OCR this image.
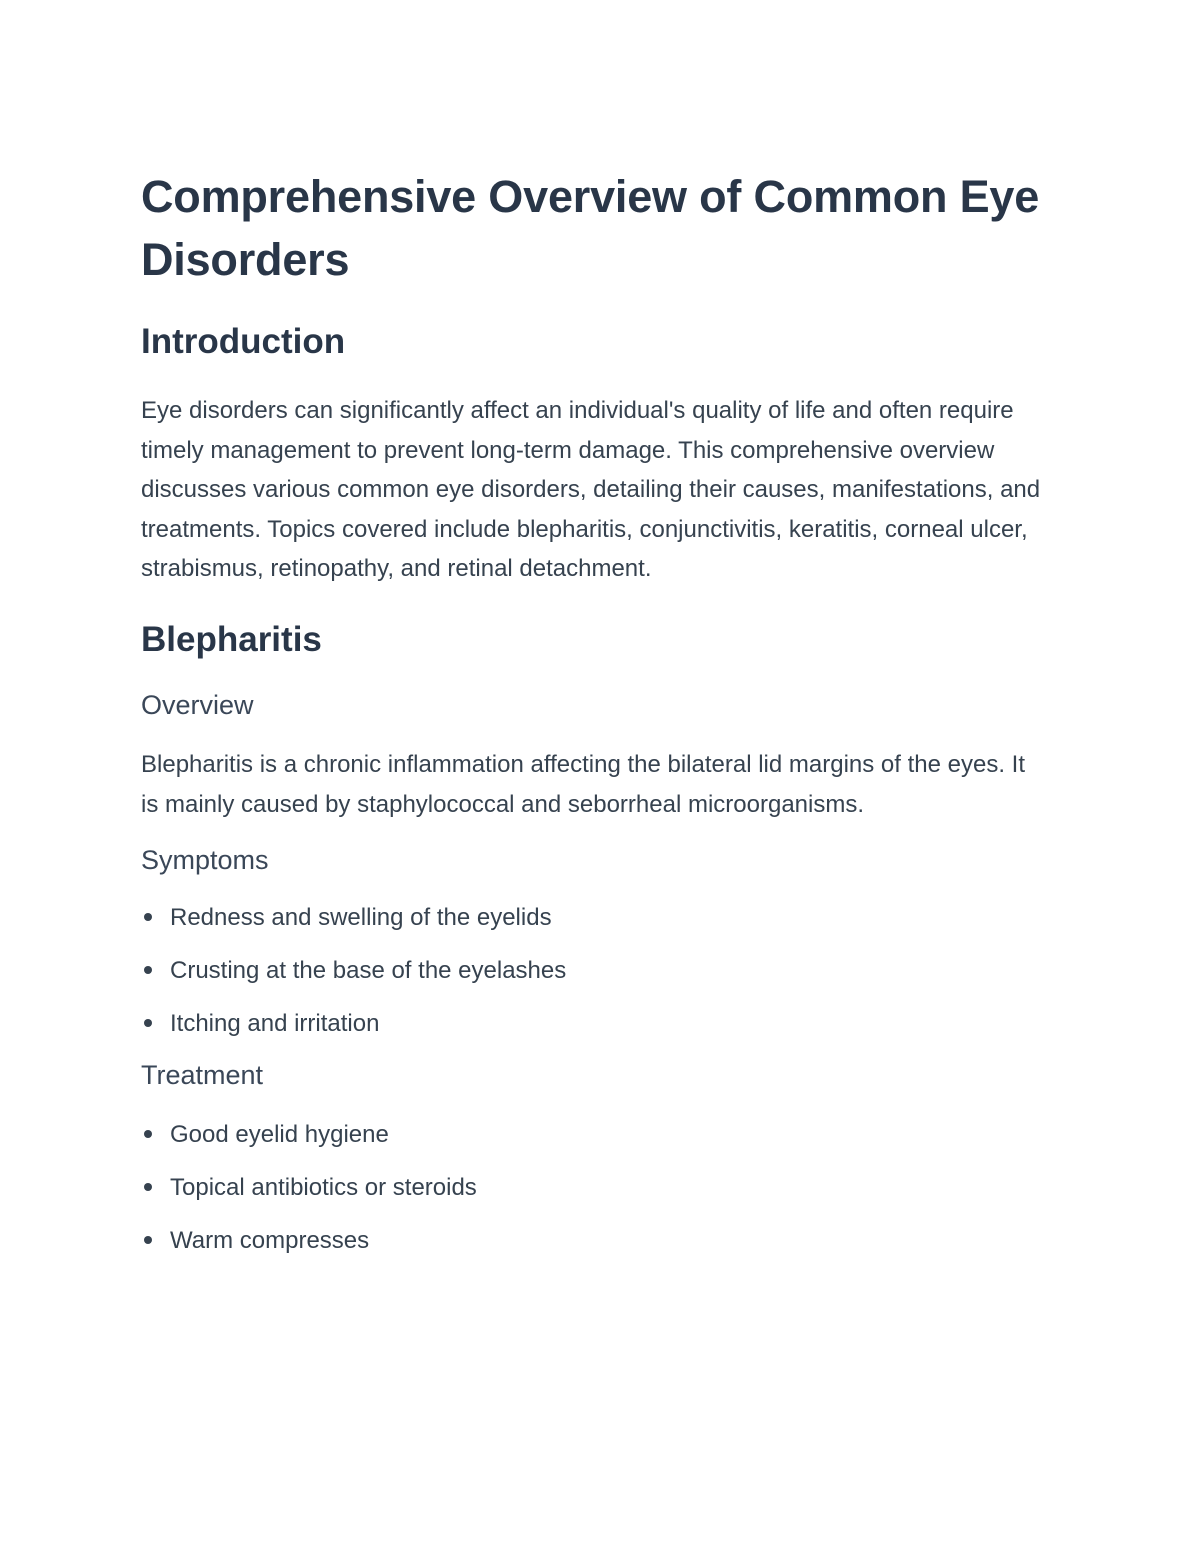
Comprehensive Overview of Common Eye Disorders
Introduction

Eye disorders can significantly affect an individual's quality of life and often require timely management to prevent long-term damage. This comprehensive overview discusses various common eye disorders, detailing their causes, manifestations, and treatments. Topics covered include blepharitis, conjunctivitis, keratitis, corneal ulcer, strabismus, retinopathy, and retinal detachment.

Blepharitis
Overview

Blepharitis is a chronic inflammation affecting the bilateral lid margins of the eyes. It is mainly caused by staphylococcal and seborrheal microorganisms.

Symptoms
Redness and swelling of the eyelids
Crusting at the base of the eyelashes
Itching and irritation
Treatment
Good eyelid hygiene
Topical antibiotics or steroids
Warm compresses
